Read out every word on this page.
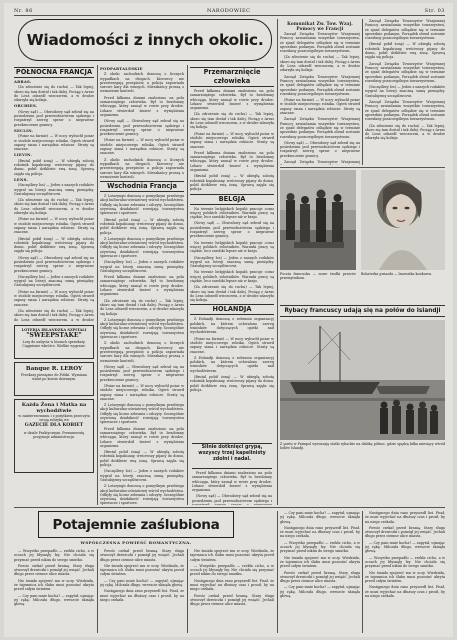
Nr. 86	NARODOWIEC	Str. 03
Wiadomości z innych okolic.
PÓŁNOCNA FRANCJA
ARRAS.

(Za zdrożenie się do ruchu) — Tak lepiej, skoro się tam dostał i tak dalej. Pociąg z Arras do Lens odszedł wieczorem, a w drodze zdarzyła się kolizja.

ORCHIES.

(Nowy sąd) — Obwodowy sąd zebrał się na posiedzeniu pod przewodnictwem sędziego i rozpatrzył szereg spraw o nieprawne przekroczenie granicy.

SECLIN.

(Pożar na farmie) — W nocy wybuchł pożar w stodole miejscowego rolnika. Ogień strawił zapasy siana i narzędzia rolnicze. Straty są znaczne.

LIEVIN.

(Brutal pobił żonę) — W ubiegłą sobotę robotnik kopalniany, wróciwszy pijany do domu, pobił dotkliwie swą żonę. Sprawą zajęła się policja.

LENS.

(Szczęśliwy los) — Jeden z naszych rodaków wygrał na loterji znaczną sumę pieniędzy. Gratulujemy szczęśliwcowi.

(Za zdrożenie się do ruchu) — Tak lepiej, skoro się tam dostał i tak dalej. Pociąg z Arras do Lens odszedł wieczorem, a w drodze zdarzyła się kolizja.

(Pożar na farmie) — W nocy wybuchł pożar w stodole miejscowego rolnika. Ogień strawił zapasy siana i narzędzia rolnicze. Straty są znaczne.

(Brutal pobił żonę) — W ubiegłą sobotę robotnik kopalniany, wróciwszy pijany do domu, pobił dotkliwie swą żonę. Sprawą zajęła się policja.

(Nowy sąd) — Obwodowy sąd zebrał się na posiedzeniu pod przewodnictwem sędziego i rozpatrzył szereg spraw o nieprawne przekroczenie granicy.

(Szczęśliwy los) — Jeden z naszych rodaków wygrał na loterji znaczną sumę pieniędzy. Gratulujemy szczęśliwcowi.

(Pożar na farmie) — W nocy wybuchł pożar w stodole miejscowego rolnika. Ogień strawił zapasy siana i narzędzia rolnicze. Straty są znaczne.

(Za zdrożenie się do ruchu) — Tak lepiej, skoro się tam dostał i tak dalej. Pociąg z Arras do Lens odszedł wieczorem, a w drodze

LOTERJA IRLANDZKA SZPITALI
"SWEEPSTAKE"
Losy do nabycia w biurach sprzedaży. Ciągnienie wkrótce. Wielkie wygrane.
Banque R. LEROY
Przekazy pieniężne do Polski. Wymiana walut po kursie dziennym.
Każda Żona i Matka na wychodźtwie
w zainteresowaniu i z pożytkiem przeczyta swoją rubrykę we
GAZECIE DLA KOBIET
w dziale Praktycznym. Prenumeratę przyjmuje administracja.
PODPARTALESKIE

Z okolic zachodnich donoszą o licznych wypadkach na drogach. Kierowcy nie przestrzegają przepisów, a policja zapowiada surowe kary dla winnych. Mieszkańcy proszą o wzmożenie kontroli.

Przed kilkoma dniami znaleziono na polu zamarzniętego człowieka. Był to bezdomny włóczęga, który zasnął w rowie przy drodze. Lekarz stwierdził śmierć z wyziębienia organizmu.

(Nowy sąd) — Obwodowy sąd zebrał się na posiedzeniu pod przewodnictwem sędziego i rozpatrzył szereg spraw o nieprawne przekroczenie granicy.

(Pożar na farmie) — W nocy wybuchł pożar w stodole miejscowego rolnika. Ogień strawił zapasy siana i narzędzia rolnicze. Straty są znaczne.

Z okolic zachodnich donoszą o licznych wypadkach na drogach. Kierowcy nie przestrzegają przepisów, a policja zapowiada surowe kary dla winnych. Mieszkańcy proszą o wzmożenie kontroli.

Wschodnia Francja

Z Lotaryngii donoszą o pomyślnym przebiegu akcji kulturalno-oświatowej wśród wychodźstwa. Odbyły się liczne zebrania i odczyty. Szczególnie ożywioną działalność rozwijają towarzystwa śpiewacze i sportowe.

(Brutal pobił żonę) — W ubiegłą sobotę robotnik kopalniany, wróciwszy pijany do domu, pobił dotkliwie swą żonę. Sprawą zajęła się policja.

Z Lotaryngii donoszą o pomyślnym przebiegu akcji kulturalno-oświatowej wśród wychodźstwa. Odbyły się liczne zebrania i odczyty. Szczególnie ożywioną działalność rozwijają towarzystwa śpiewacze i sportowe.

(Szczęśliwy los) — Jeden z naszych rodaków wygrał na loterji znaczną sumę pieniędzy. Gratulujemy szczęśliwcowi.

Przed kilkoma dniami znaleziono na polu zamarzniętego człowieka. Był to bezdomny włóczęga, który zasnął w rowie przy drodze. Lekarz stwierdził śmierć z wyziębienia organizmu.

(Za zdrożenie się do ruchu) — Tak lepiej, skoro się tam dostał i tak dalej. Pociąg z Arras do Lens odszedł wieczorem, a w drodze zdarzyła się kolizja.

Z Lotaryngii donoszą o pomyślnym przebiegu akcji kulturalno-oświatowej wśród wychodźstwa. Odbyły się liczne zebrania i odczyty. Szczególnie ożywioną działalność rozwijają towarzystwa śpiewacze i sportowe.

Z okolic zachodnich donoszą o licznych wypadkach na drogach. Kierowcy nie przestrzegają przepisów, a policja zapowiada surowe kary dla winnych. Mieszkańcy proszą o wzmożenie kontroli.

(Nowy sąd) — Obwodowy sąd zebrał się na posiedzeniu pod przewodnictwem sędziego i rozpatrzył szereg spraw o nieprawne przekroczenie granicy.

(Pożar na farmie) — W nocy wybuchł pożar w stodole miejscowego rolnika. Ogień strawił zapasy siana i narzędzia rolnicze. Straty są znaczne.

Z Lotaryngii donoszą o pomyślnym przebiegu akcji kulturalno-oświatowej wśród wychodźstwa. Odbyły się liczne zebrania i odczyty. Szczególnie ożywioną działalność rozwijają towarzystwa śpiewacze i sportowe.

Przed kilkoma dniami znaleziono na polu zamarzniętego człowieka. Był to bezdomny włóczęga, który zasnął w rowie przy drodze. Lekarz stwierdził śmierć z wyziębienia organizmu.

(Brutal pobił żonę) — W ubiegłą sobotę robotnik kopalniany, wróciwszy pijany do domu, pobił dotkliwie swą żonę. Sprawą zajęła się policja.

(Szczęśliwy los) — Jeden z naszych rodaków wygrał na loterji znaczną sumę pieniędzy. Gratulujemy szczęśliwcowi.

Z Lotaryngii donoszą o pomyślnym przebiegu akcji kulturalno-oświatowej wśród wychodźstwa. Odbyły się liczne zebrania i odczyty. Szczególnie ożywioną działalność rozwijają towarzystwa śpiewacze i sportowe.

Przemarznięcie człowieka

Przed kilkoma dniami znaleziono na polu zamarzniętego człowieka. Był to bezdomny włóczęga, który zasnął w rowie przy drodze. Lekarz stwierdził śmierć z wyziębienia organizmu.

(Za zdrożenie się do ruchu) — Tak lepiej, skoro się tam dostał i tak dalej. Pociąg z Arras do Lens odszedł wieczorem, a w drodze zdarzyła się kolizja.

(Pożar na farmie) — W nocy wybuchł pożar w stodole miejscowego rolnika. Ogień strawił zapasy siana i narzędzia rolnicze. Straty są znaczne.

Przed kilkoma dniami znaleziono na polu zamarzniętego człowieka. Był to bezdomny włóczęga, który zasnął w rowie przy drodze. Lekarz stwierdził śmierć z wyziębienia organizmu.

(Brutal pobił żonę) — W ubiegłą sobotę robotnik kopalniany, wróciwszy pijany do domu, pobił dotkliwie swą żonę. Sprawą zajęła się policja.

BELGJA

Na terenie belgijskich kopalń pracuje coraz więcej polskich robotników. Warunki pracy są ciężkie, lecz zarobki lepsze niż w kraju.

(Nowy sąd) — Obwodowy sąd zebrał się na posiedzeniu pod przewodnictwem sędziego i rozpatrzył szereg spraw o nieprawne przekroczenie granicy.

Na terenie belgijskich kopalń pracuje coraz więcej polskich robotników. Warunki pracy są ciężkie, lecz zarobki lepsze niż w kraju.

(Szczęśliwy los) — Jeden z naszych rodaków wygrał na loterji znaczną sumę pieniędzy. Gratulujemy szczęśliwcowi.

Na terenie belgijskich kopalń pracuje coraz więcej polskich robotników. Warunki pracy są ciężkie, lecz zarobki lepsze niż w kraju.

(Za zdrożenie się do ruchu) — Tak lepiej, skoro się tam dostał i tak dalej. Pociąg z Arras do Lens odszedł wieczorem, a w drodze zdarzyła się kolizja.

HOLANDJA

Z Holandji donoszą o zebraniu organizacyj polskich, na którem uchwalono szereg wniosków dotyczących opieki nad wychodźstwem.

(Pożar na farmie) — W nocy wybuchł pożar w stodole miejscowego rolnika. Ogień strawił zapasy siana i narzędzia rolnicze. Straty są znaczne.

Z Holandji donoszą o zebraniu organizacyj polskich, na którem uchwalono szereg wniosków dotyczących opieki nad wychodźstwem.

(Brutal pobił żonę) — W ubiegłą sobotę robotnik kopalniany, wróciwszy pijany do domu, pobił dotkliwie swą żonę. Sprawą zajęła się policja.

Silnie dotknięci grypą, wszyscy trzej kapelinisty zdolni i nadal.

Przed kilkoma dniami znaleziono na polu zamarzniętego człowieka. Był to bezdomny włóczęga, który zasnął w rowie przy drodze. Lekarz stwierdził śmierć z wyziębienia organizmu.

(Nowy sąd) — Obwodowy sąd zebrał się na posiedzeniu pod przewodnictwem sędziego i

Komunikat Zw. Tow. Wzaj. Pomocy we Francji

Zarząd Związku Towarzystw Wzajemnej Pomocy zawiadamia wszystkie towarzystwa, że zjazd delegatów odbędzie się w terminie uprzednio podanym. Porządek obrad zostanie rozesłany poszczególnym towarzystwom.

(Za zdrożenie się do ruchu) — Tak lepiej, skoro się tam dostał i tak dalej. Pociąg z Arras do Lens odszedł wieczorem, a w drodze zdarzyła się kolizja.

Zarząd Związku Towarzystw Wzajemnej Pomocy zawiadamia wszystkie towarzystwa, że zjazd delegatów odbędzie się w terminie uprzednio podanym. Porządek obrad zostanie rozesłany poszczególnym towarzystwom.

(Pożar na farmie) — W nocy wybuchł pożar w stodole miejscowego rolnika. Ogień strawił zapasy siana i narzędzia rolnicze. Straty są znaczne.

Zarząd Związku Towarzystw Wzajemnej Pomocy zawiadamia wszystkie towarzystwa, że zjazd delegatów odbędzie się w terminie uprzednio podanym. Porządek obrad zostanie rozesłany poszczególnym towarzystwom.

(Nowy sąd) — Obwodowy sąd zebrał się na posiedzeniu pod przewodnictwem sędziego i rozpatrzył szereg spraw o nieprawne przekroczenie granicy.

Zarząd Związku Towarzystw Wzajemnej

Zarząd Związku Towarzystw Wzajemnej Pomocy zawiadamia wszystkie towarzystwa, że zjazd delegatów odbędzie się w terminie uprzednio podanym. Porządek obrad zostanie rozesłany poszczególnym towarzystwom.

(Brutal pobił żonę) — W ubiegłą sobotę robotnik kopalniany, wróciwszy pijany do domu, pobił dotkliwie swą żonę. Sprawą zajęła się policja.

Zarząd Związku Towarzystw Wzajemnej Pomocy zawiadamia wszystkie towarzystwa, że zjazd delegatów odbędzie się w terminie uprzednio podanym. Porządek obrad zostanie rozesłany poszczególnym towarzystwom.

(Szczęśliwy los) — Jeden z naszych rodaków wygrał na loterji znaczną sumę pieniędzy. Gratulujemy szczęśliwcowi.

Zarząd Związku Towarzystw Wzajemnej Pomocy zawiadamia wszystkie towarzystwa, że zjazd delegatów odbędzie się w terminie uprzednio podanym. Porządek obrad zostanie rozesłany poszczególnym towarzystwom.

(Za zdrożenie się do ruchu) — Tak lepiej, skoro się tam dostał i tak dalej. Pociąg z Arras do Lens odszedł wieczorem, a w drodze zdarzyła się kolizja.

Poczta francuska — nowe środki przeciw przemytnikom.
Bohaterka gwiazda — laureatka konkursu.
Rybacy francuscy udają się na połów do Islandji
Z portu w Paimpol wyruszają statki rybackie na daleką północ, gdzie spędzą kilka miesięcy wśród lodów Islandji.
Potajemnie zaślubiona
WSPÓŁCZESNA POWIEŚĆ ROMANTYCZNA.

— Wszystko przepadło — rzekła cicho, a w oczach jej błysnęły łzy. Nie chciała się przyznać przed nikim do swego smutku.

Powóz czekał przed bramą. Stary sługa otworzył drzwiczki i pomógł jej wsiąść. Jechali długo przez ciemne ulice miasta.

Nie śmiała spojrzeć mu w oczy. Wiedziała, że tajemnica ich ślubu musi pozostać ukryta przed całym światem.

— Czy pani mnie kocha? — zapytał, ujmując jej rękę. Milczała długo, wreszcie skinęła głową.

Powóz czekał przed bramą. Stary sługa otworzył drzwiczki i pomógł jej wsiąść. Jechali długo przez ciemne ulice miasta.

Nie śmiała spojrzeć mu w oczy. Wiedziała, że tajemnica ich ślubu musi pozostać ukryta przed całym światem.

— Czy pani mnie kocha? — zapytał, ujmując jej rękę. Milczała długo, wreszcie skinęła głową.

Następnego dnia rano przyszedł list. Pisał, że musi wyjechać na dłuższy czas i prosił, by na niego czekała.

Nie śmiała spojrzeć mu w oczy. Wiedziała, że tajemnica ich ślubu musi pozostać ukryta przed całym światem.

— Wszystko przepadło — rzekła cicho, a w oczach jej błysnęły łzy. Nie chciała się przyznać przed nikim do swego smutku.

Następnego dnia rano przyszedł list. Pisał, że musi wyjechać na dłuższy czas i prosił, by na niego czekała.

Powóz czekał przed bramą. Stary sługa otworzył drzwiczki i pomógł jej wsiąść. Jechali długo przez ciemne ulice miasta.

— Czy pani mnie kocha? — zapytał, ujmując jej rękę. Milczała długo, wreszcie skinęła głową.

Następnego dnia rano przyszedł list. Pisał, że musi wyjechać na dłuższy czas i prosił, by na niego czekała.

— Wszystko przepadło — rzekła cicho, a w oczach jej błysnęły łzy. Nie chciała się przyznać przed nikim do swego smutku.

Nie śmiała spojrzeć mu w oczy. Wiedziała, że tajemnica ich ślubu musi pozostać ukryta przed całym światem.

Powóz czekał przed bramą. Stary sługa otworzył drzwiczki i pomógł jej wsiąść. Jechali długo przez ciemne ulice miasta.

— Czy pani mnie kocha? — zapytał, ujmując jej rękę. Milczała długo, wreszcie skinęła głową.

Następnego dnia rano przyszedł list. Pisał, że musi wyjechać na dłuższy czas i prosił, by na niego czekała.

Powóz czekał przed bramą. Stary sługa otworzył drzwiczki i pomógł jej wsiąść. Jechali długo przez ciemne ulice miasta.

— Czy pani mnie kocha? — zapytał, ujmując jej rękę. Milczała długo, wreszcie skinęła głową.

— Wszystko przepadło — rzekła cicho, a w oczach jej błysnęły łzy. Nie chciała się przyznać przed nikim do swego smutku.

Nie śmiała spojrzeć mu w oczy. Wiedziała, że tajemnica ich ślubu musi pozostać ukryta przed całym światem.

Następnego dnia rano przyszedł list. Pisał, że musi wyjechać na dłuższy czas i prosił, by na niego czekała.
